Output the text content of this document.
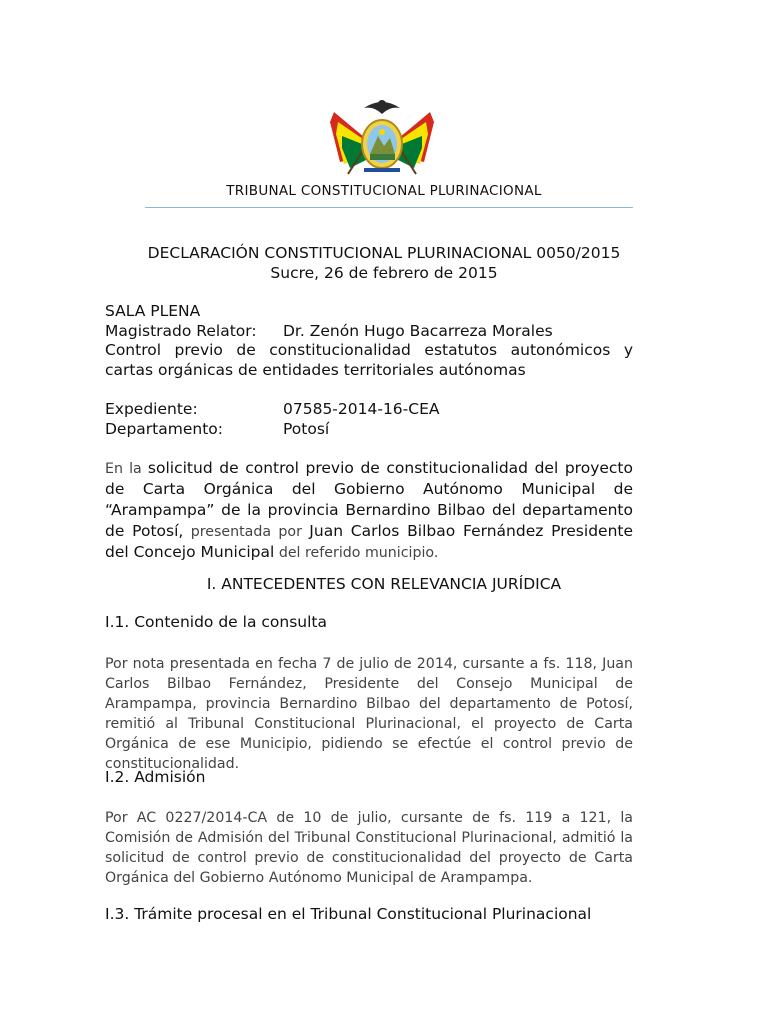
TRIBUNAL CONSTITUCIONAL PLURINACIONAL
DECLARACIÓN CONSTITUCIONAL PLURINACIONAL 0050/2015
Sucre, 26 de febrero de 2015
SALA PLENA
Magistrado Relator: Dr. Zenón Hugo Bacarreza Morales
Control previo de constitucionalidad estatutos autonómicos y cartas orgánicas de entidades territoriales autónomas
Expediente:	07585-2014-16-CEA
Departamento:	Potosí
En la solicitud de control previo de constitucionalidad del proyecto de Carta Orgánica del Gobierno Autónomo Municipal de “Arampampa” de la provincia Bernardino Bilbao del departamento de Potosí, presentada por Juan Carlos Bilbao Fernández Presidente del Concejo Municipal del referido municipio.
I. ANTECEDENTES CON RELEVANCIA JURÍDICA
I.1. Contenido de la consulta
Por nota presentada en fecha 7 de julio de 2014, cursante a fs. 118, Juan Carlos Bilbao Fernández, Presidente del Consejo Municipal de Arampampa, provincia Bernardino Bilbao del departamento de Potosí, remitió al Tribunal Constitucional Plurinacional, el proyecto de Carta Orgánica de ese Municipio, pidiendo se efectúe el control previo de constitucionalidad.
I.2. Admisión
Por AC 0227/2014-CA de 10 de julio, cursante de fs. 119 a 121, la Comisión de Admisión del Tribunal Constitucional Plurinacional, admitió la solicitud de control previo de constitucionalidad del proyecto de Carta Orgánica del Gobierno Autónomo Municipal de Arampampa.
I.3. Trámite procesal en el Tribunal Constitucional Plurinacional
